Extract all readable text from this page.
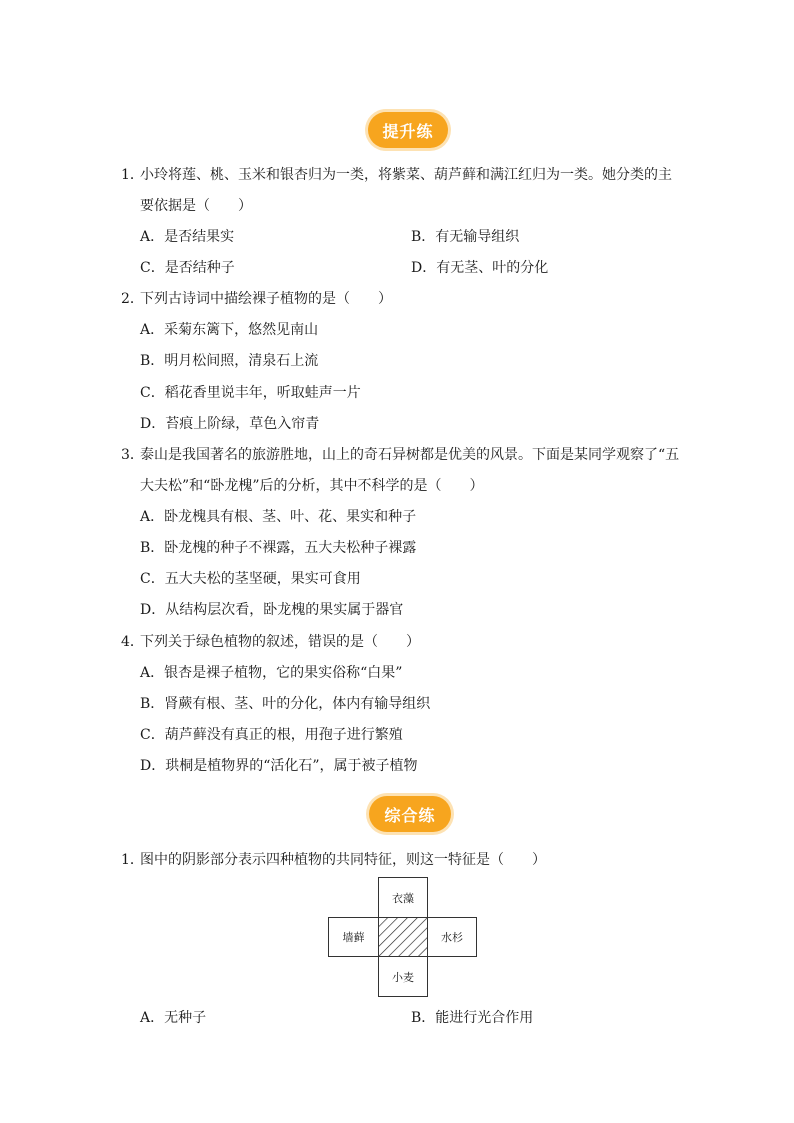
提升练
1．
小玲将莲、桃、玉米和银杏归为一类，将紫菜、葫芦藓和满江红归为一类。她分类的主
要依据是（　　）
A．是否结果实	B．有无输导组织
C．是否结种子	D．有无茎、叶的分化
2．
下列古诗词中描绘裸子植物的是（　　）
A．采菊东篱下，悠然见南山
B．明月松间照，清泉石上流
C．稻花香里说丰年，听取蛙声一片
D．苔痕上阶绿，草色入帘青
3．
泰山是我国著名的旅游胜地，山上的奇石异树都是优美的风景。下面是某同学观察了“五
大夫松”和“卧龙槐”后的分析，其中不科学的是（　　）
A．卧龙槐具有根、茎、叶、花、果实和种子
B．卧龙槐的种子不裸露，五大夫松种子裸露
C．五大夫松的茎坚硬，果实可食用
D．从结构层次看，卧龙槐的果实属于器官
4．
下列关于绿色植物的叙述，错误的是（　　）
A．银杏是裸子植物，它的果实俗称“白果”
B．肾蕨有根、茎、叶的分化，体内有输导组织
C．葫芦藓没有真正的根，用孢子进行繁殖
D．珙桐是植物界的“活化石”，属于被子植物
综合练
1．
图中的阴影部分表示四种植物的共同特征，则这一特征是（　　）
衣藻
墙藓	水杉
小麦
A．无种子	B．能进行光合作用
